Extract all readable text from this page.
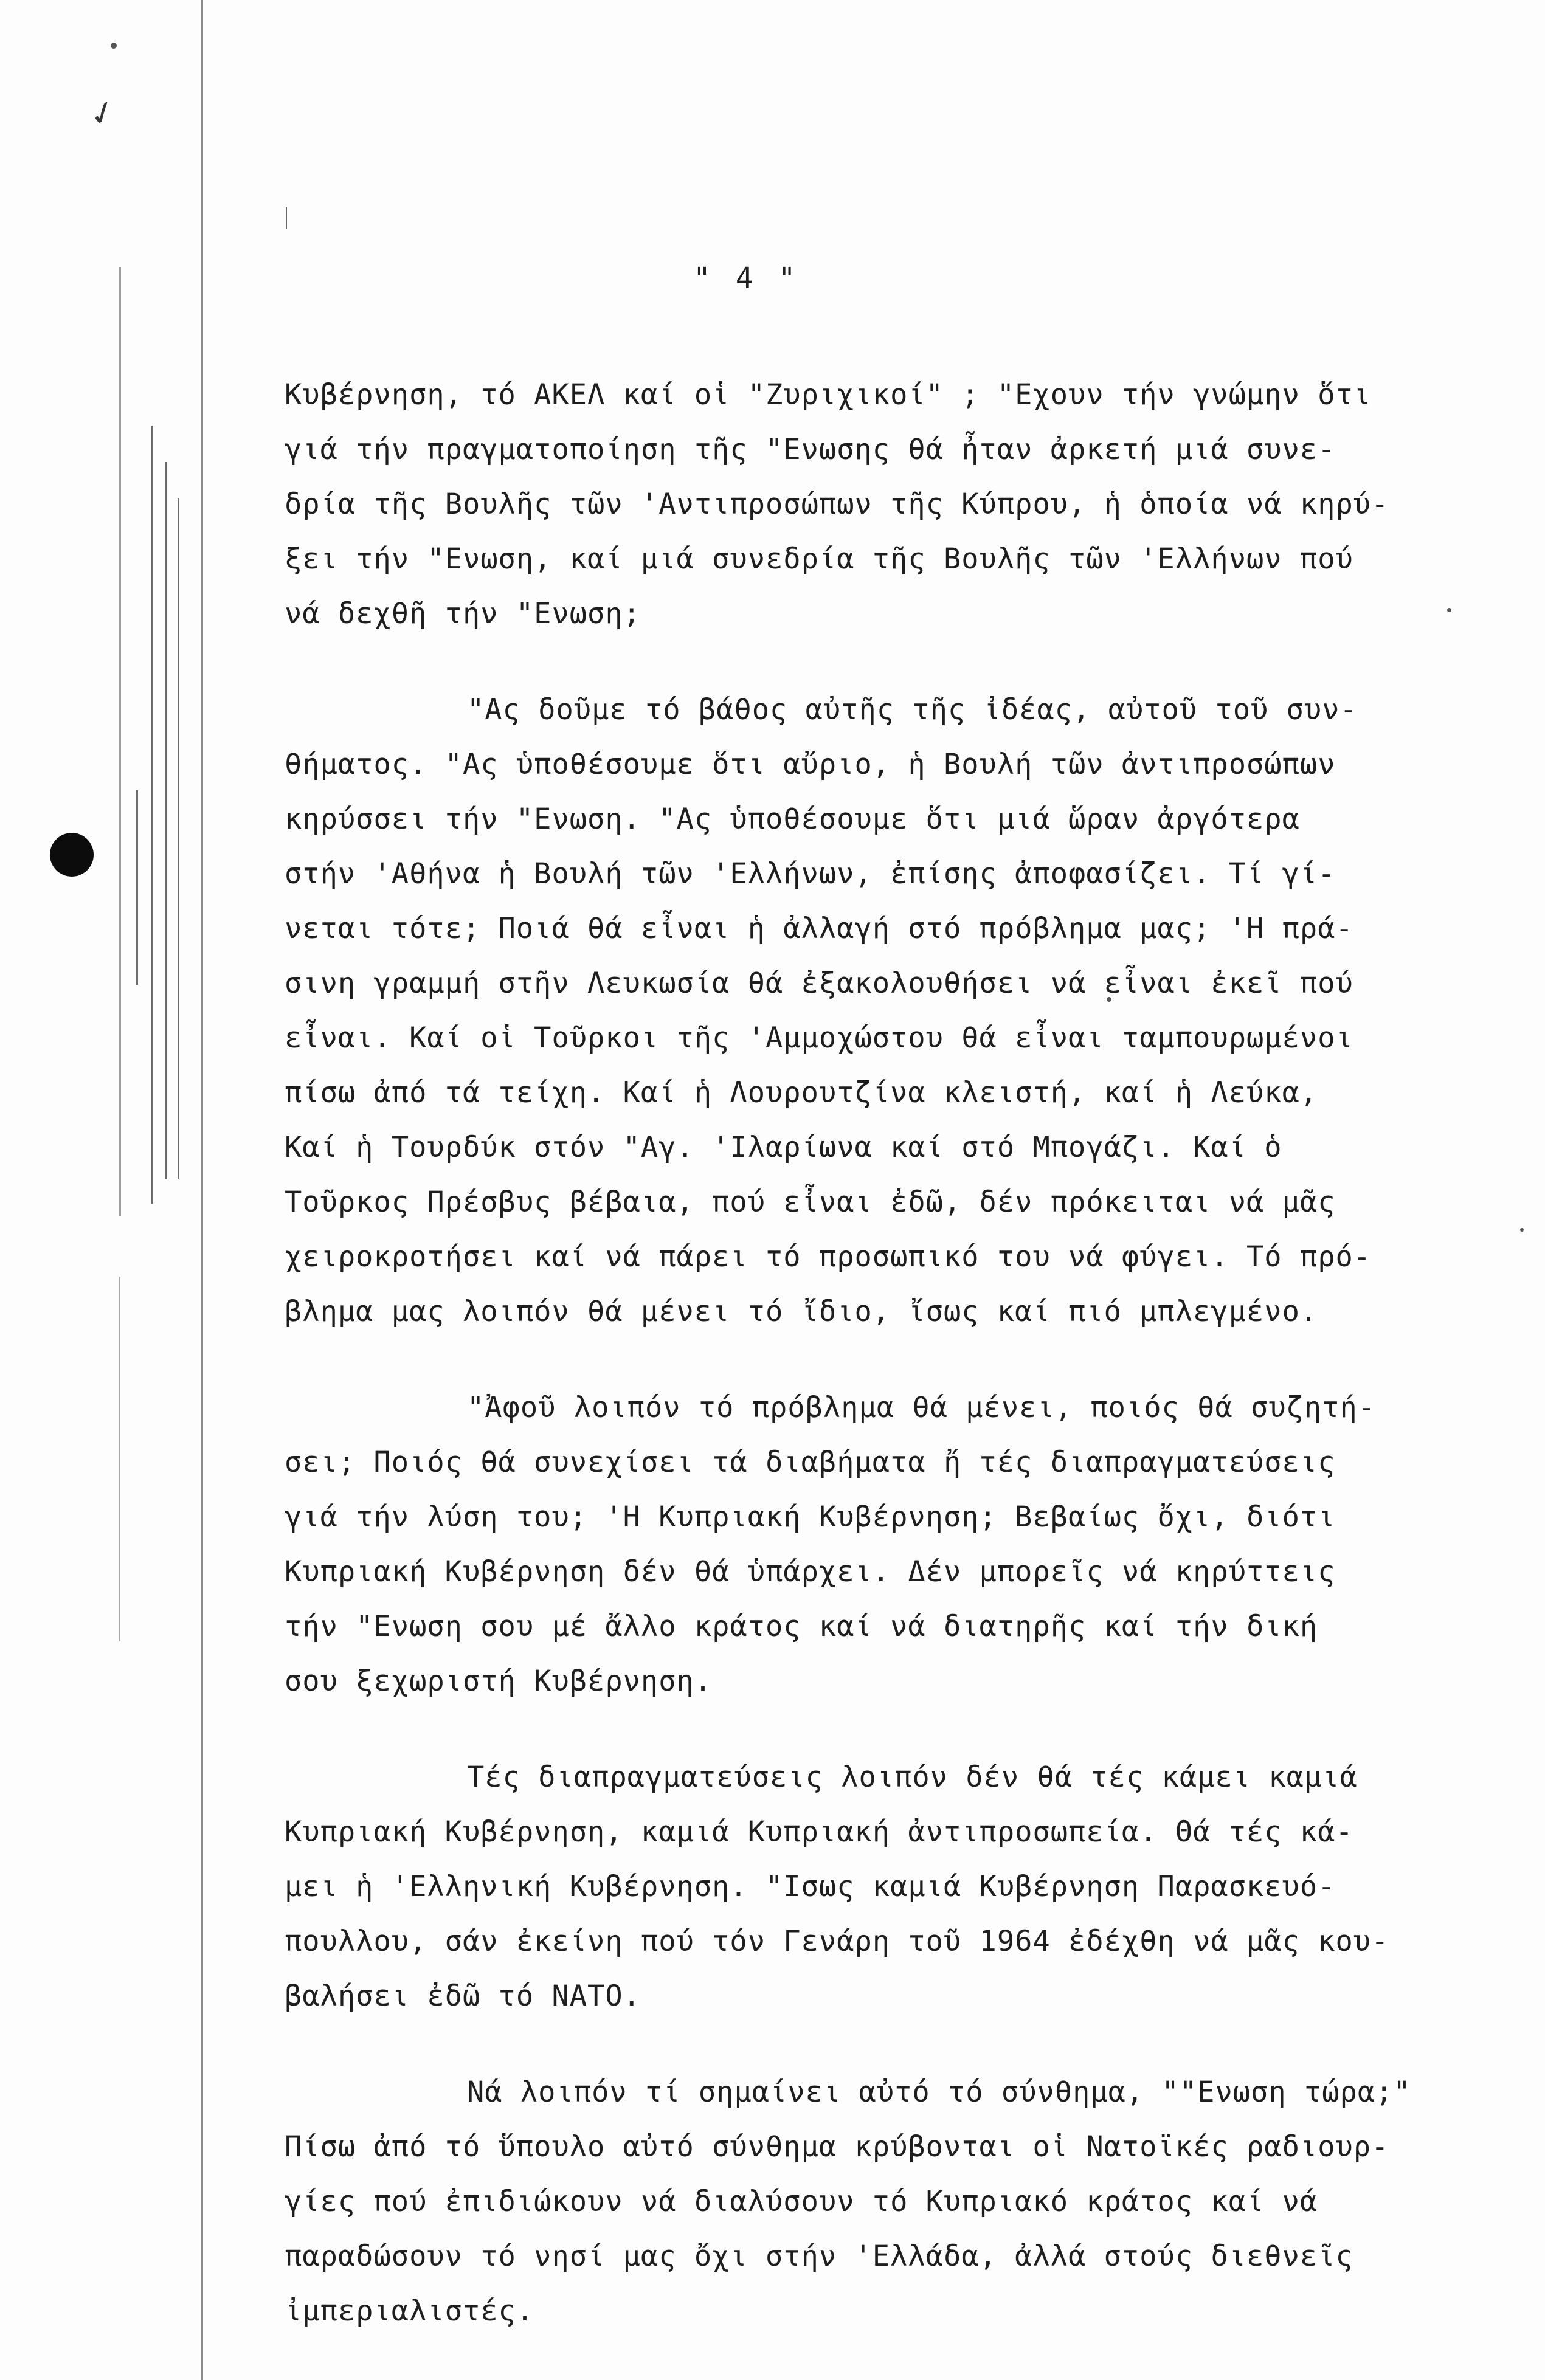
✓
" 4 "
Κυβέρνηση, τό ΑΚΕΛ καί οἱ "Ζυριχικοί" ; "Εχουν τήν γνώμην ὅτι
γιά τήν πραγματοποίηση τῆς "Ενωσης θά ἦταν ἀρκετή μιά συνε-
δρία τῆς Βουλῆς τῶν 'Αντιπροσώπων τῆς Κύπρου, ἡ ὁποία νά κηρύ-
ξει τήν "Ενωση, καί μιά συνεδρία τῆς Βουλῆς τῶν 'Ελλήνων πού
νά δεχθῆ τήν "Ενωση;
"Ας δοῦμε τό βάθος αὐτῆς τῆς ἰδέας, αὐτοῦ τοῦ συν-
θήματος. "Ας ὑποθέσουμε ὅτι αὔριο, ἡ Βουλή τῶν ἀντιπροσώπων
κηρύσσει τήν "Ενωση. "Ας ὑποθέσουμε ὅτι μιά ὥραν ἀργότερα
στήν 'Αθήνα ἡ Βουλή τῶν 'Ελλήνων, ἐπίσης ἀποφασίζει. Τί γί-
νεται τότε; Ποιά θά εἶναι ἡ ἀλλαγή στό πρόβλημα μας; 'Η πρά-
σινη γραμμή στῆν Λευκωσία θά ἐξακολουθήσει νά εἶναι ἐκεῖ πού
εἶναι. Καί οἱ Τοῦρκοι τῆς 'Αμμοχώστου θά εἶναι ταμπουρωμένοι
πίσω ἀπό τά τείχη. Καί ἡ Λουρουτζίνα κλειστή, καί ἡ Λεύκα,
Καί ἡ Τουρδύκ στόν "Αγ. 'Ιλαρίωνα καί στό Μπογάζι. Καί ὁ
Τοῦρκος Πρέσβυς βέβαια, πού εἶναι ἐδῶ, δέν πρόκειται νά μᾶς
χειροκροτήσει καί νά πάρει τό προσωπικό του νά φύγει. Τό πρό-
βλημα μας λοιπόν θά μένει τό ἴδιο, ἴσως καί πιό μπλεγμένο.
"Ἀφοῦ λοιπόν τό πρόβλημα θά μένει, ποιός θά συζητή-
σει; Ποιός θά συνεχίσει τά διαβήματα ἤ τές διαπραγματεύσεις
γιά τήν λύση του; 'Η Κυπριακή Κυβέρνηση; Βεβαίως ὄχι, διότι
Κυπριακή Κυβέρνηση δέν θά ὑπάρχει. Δέν μπορεῖς νά κηρύττεις
τήν "Ενωση σου μέ ἄλλο κράτος καί νά διατηρῆς καί τήν δική
σου ξεχωριστή Κυβέρνηση.
Τές διαπραγματεύσεις λοιπόν δέν θά τές κάμει καμιά
Κυπριακή Κυβέρνηση, καμιά Κυπριακή ἀντιπροσωπεία. Θά τές κά-
μει ἡ 'Ελληνική Κυβέρνηση. "Ισως καμιά Κυβέρνηση Παρασκευό-
πουλλου, σάν ἐκείνη πού τόν Γενάρη τοῦ 1964 ἐδέχθη νά μᾶς κου-
βαλήσει ἐδῶ τό ΝΑΤΟ.
Νά λοιπόν τί σημαίνει αὐτό τό σύνθημα, ""Ενωση τώρα;"
Πίσω ἀπό τό ὕπουλο αὐτό σύνθημα κρύβονται οἱ Νατοϊκές ραδιουρ-
γίες πού ἐπιδιώκουν νά διαλύσουν τό Κυπριακό κράτος καί νά
παραδώσουν τό νησί μας ὄχι στήν 'Ελλάδα, ἀλλά στούς διεθνεῖς
ἰμπεριαλιστές.
